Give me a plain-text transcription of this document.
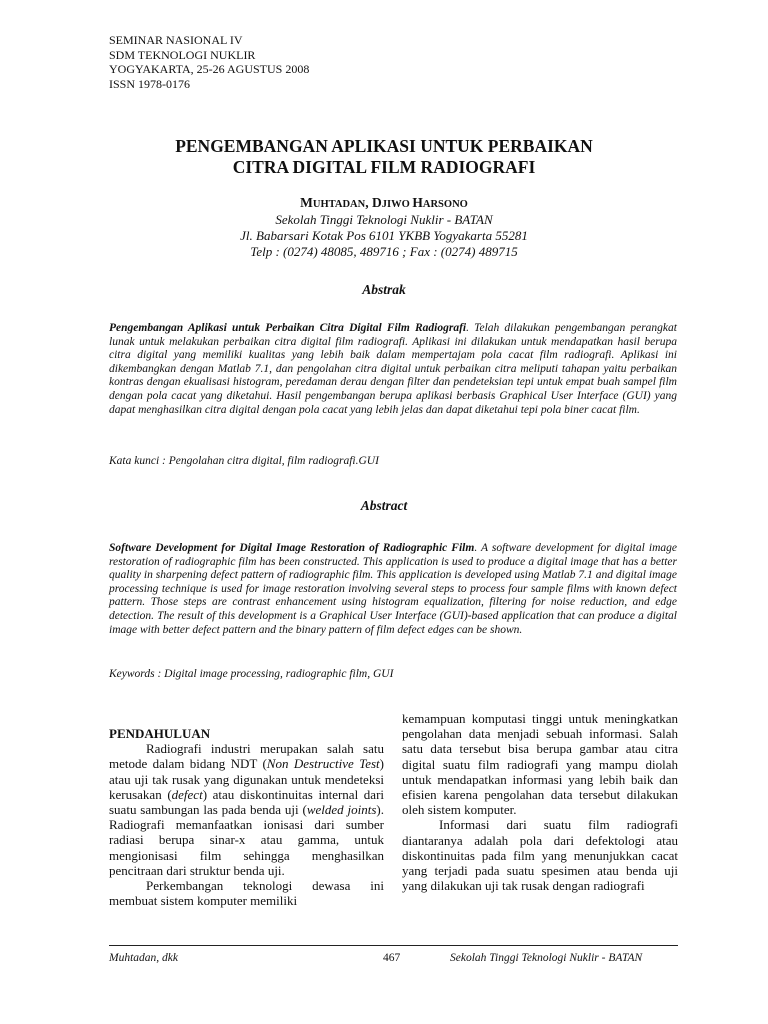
SEMINAR NASIONAL IV
SDM TEKNOLOGI NUKLIR
YOGYAKARTA, 25-26 AGUSTUS 2008
ISSN 1978-0176
PENGEMBANGAN APLIKASI UNTUK PERBAIKAN
CITRA DIGITAL FILM RADIOGRAFI
MUHTADAN, DJIWO HARSONO
Sekolah Tinggi Teknologi Nuklir - BATAN
Jl. Babarsari Kotak Pos 6101 YKBB Yogyakarta 55281
Telp : (0274) 48085, 489716 ; Fax : (0274) 489715
Abstrak

Pengembangan Aplikasi untuk Perbaikan Citra Digital Film Radiografi. Telah dilakukan pengembangan perangkat lunak untuk melakukan perbaikan citra digital film radiografi. Aplikasi ini dilakukan untuk mendapatkan hasil berupa citra digital yang memiliki kualitas yang lebih baik dalam mempertajam pola cacat film radiografi. Aplikasi ini dikembangkan dengan Matlab 7.1, dan pengolahan citra digital untuk perbaikan citra meliputi tahapan yaitu perbaikan kontras dengan ekualisasi histogram, peredaman derau dengan filter dan pendeteksian tepi untuk empat buah sampel film dengan pola cacat yang diketahui. Hasil pengembangan berupa aplikasi berbasis Graphical User Interface (GUI) yang dapat menghasilkan citra digital dengan pola cacat yang lebih jelas dan dapat diketahui tepi pola biner cacat film.

Kata kunci : Pengolahan citra digital, film radiografi.GUI

Abstract

Software Development for Digital Image Restoration of Radiographic Film. A software development for digital image restoration of radiographic film has been constructed. This application is used to produce a digital image that has a better quality in sharpening defect pattern of radiographic film. This application is developed using Matlab 7.1 and digital image processing technique is used for image restoration involving several steps to process four sample films with known defect pattern. Those steps are contrast enhancement using histogram equalization, filtering for noise reduction, and edge detection. The result of this development is a Graphical User Interface (GUI)-based application that can produce a digital image with better defect pattern and the binary pattern of film defect edges can be shown.

Keywords : Digital image processing, radiographic film, GUI

PENDAHULUAN

Radiografi industri merupakan salah satu metode dalam bidang NDT (Non Destructive Test) atau uji tak rusak yang digunakan untuk mendeteksi kerusakan (defect) atau diskontinuitas internal dari suatu sambungan las pada benda uji (welded joints). Radiografi memanfaatkan ionisasi dari sumber radiasi berupa sinar-x atau gamma, untuk mengionisasi film sehingga menghasilkan pencitraan dari struktur benda uji.

Perkembangan teknologi dewasa ini membuat sistem komputer memiliki

kemampuan komputasi tinggi untuk meningkatkan pengolahan data menjadi sebuah informasi. Salah satu data tersebut bisa berupa gambar atau citra digital suatu film radiografi yang mampu diolah untuk mendapatkan informasi yang lebih baik dan efisien karena pengolahan data tersebut dilakukan oleh sistem komputer.

Informasi dari suatu film radiografi diantaranya adalah pola dari defektologi atau diskontinuitas pada film yang menunjukkan cacat yang terjadi pada suatu spesimen atau benda uji yang dilakukan uji tak rusak dengan radiografi

Muhtadan, dkk	467	Sekolah Tinggi Teknologi Nuklir - BATAN
